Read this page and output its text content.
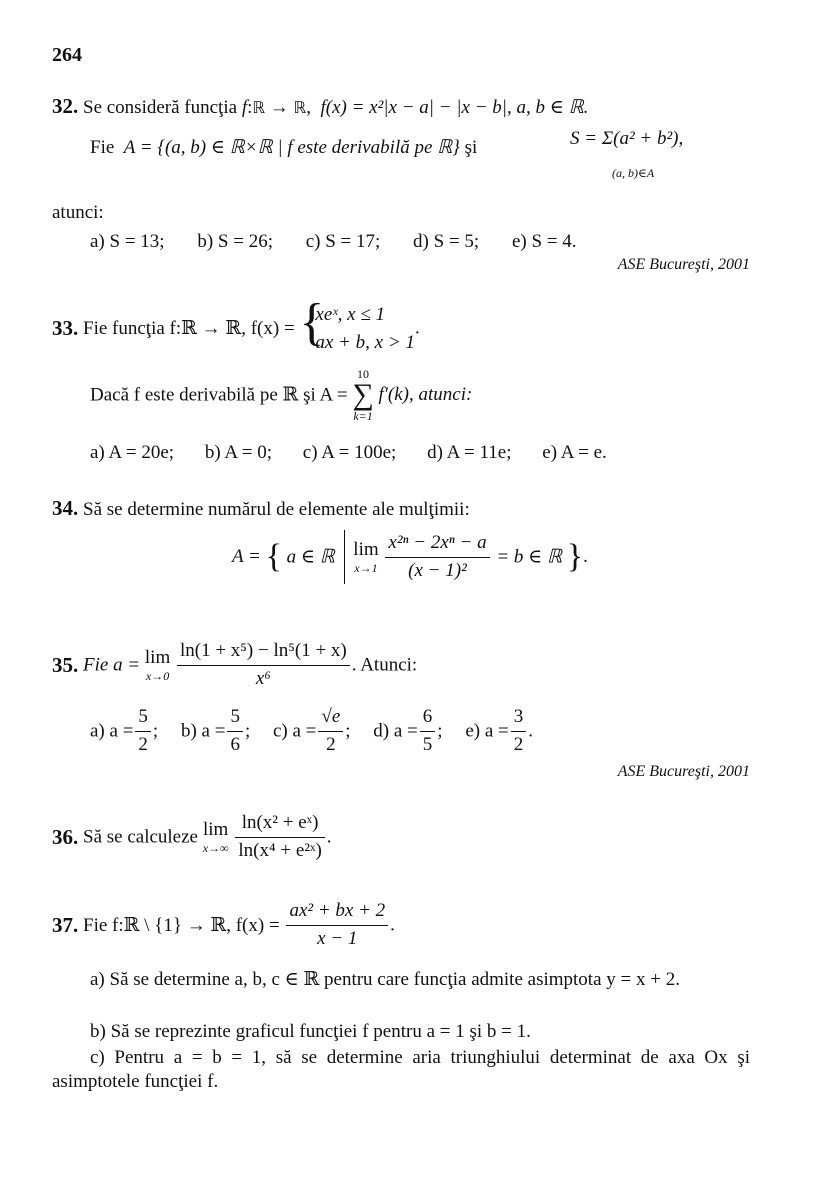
264
32. Se consideră funcţia f:ℝ → ℝ,  f(x) = x²|x − a| − |x − b|, a, b ∈ ℝ.
Fie A = {(a, b) ∈ ℝ×ℝ | f este derivabilă pe ℝ} şi	S = Σ(a² + b²),
(a, b)∈A
atunci:
a) S = 13; b) S = 26; c) S = 17; d) S = 5; e) S = 4.
ASE Bucureşti, 2001
33. Fie funcţia f:ℝ → ℝ, f(x) = {
xeˣ, x ≤ 1
ax + b, x > 1
.
Dacă f este derivabilă pe ℝ şi A =
10
∑
k=1
f′(k), atunci:
a) A = 20e; b) A = 0; c) A = 100e; d) A = 11e; e) A = e.
34. Să se determine numărul de elemente ale mulţimii:
A = { a ∈ ℝ lim
x→1
$\frac{\text{x²ⁿ − 2xⁿ − a}}{\text{(x − 1)²}} = b$ ∈ ℝ }.
35. Fie a = lim
x→0
$\frac{\text{ln(1 + x⁵) − ln⁵(1 + x)}}{\text{x⁶}}$ . Atunci:
a) $a = \frac{5}{2}$ ; b) $a = \frac{5}{6}$ ; c) $a = \frac{√e}{2}$ ; d) $a = \frac{6}{5}$ ; e) $a = \frac{3}{2}$ .
ASE Bucureşti, 2001
36. Să se calculeze lim
x→∞
$\frac{\text{ln(x² + eˣ)}}{\text{ln(x⁴ + e²ˣ)}}$ .
37. Fie f:ℝ \ {1} → ℝ, $f(x) = \frac{\text{ax² + bx + 2}}{x - 1}$ .
a) Să se determine a, b, c ∈ ℝ pentru care funcţia admite asimptota y = x + 2.
b) Să se reprezinte graficul funcţiei f pentru a = 1 şi b = 1.
c) Pentru a = b = 1, să se determine aria triunghiului determinat de axa Ox şi asimptotele funcţiei f.
